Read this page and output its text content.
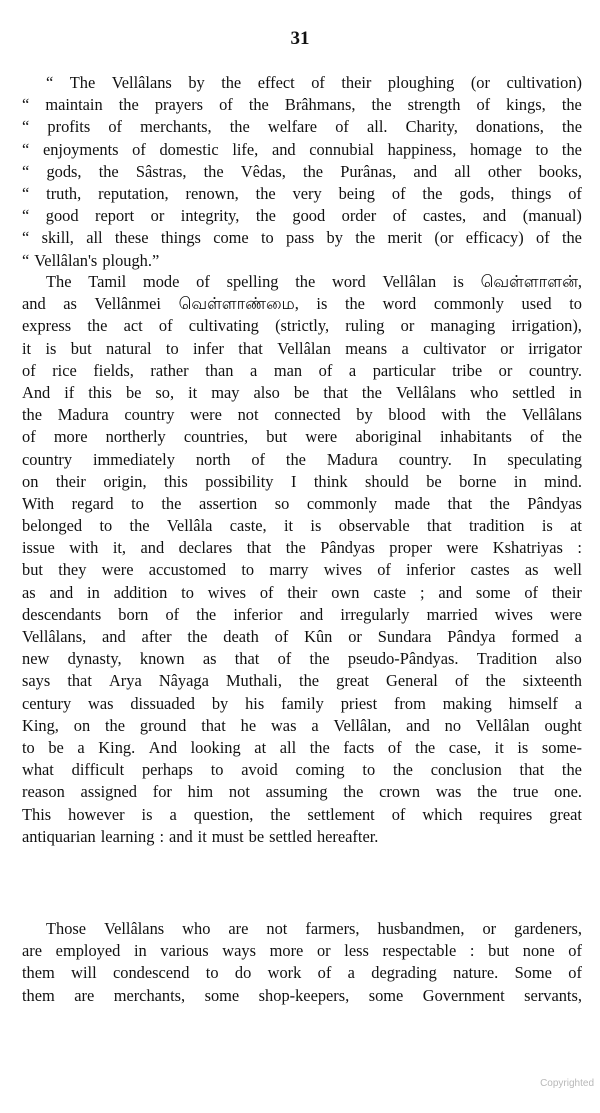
31
“ The Vellâlans by the effect of their ploughing (or cultivation)
“ maintain the prayers of the Brâhmans, the strength of kings, the
“ profits of merchants, the welfare of all. Charity, donations, the
“ enjoyments of domestic life, and connubial happiness, homage to the
“ gods, the Sâstras, the Vêdas, the Purânas, and all other books,
“ truth, reputation, renown, the very being of the gods, things of
“ good report or integrity, the good order of castes, and (manual)
“ skill, all these things come to pass by the merit (or efficacy) of the
“ Vellâlan's plough.”
The Tamil mode of spelling the word Vellâlan is வெள்ளாளன்,
and as Vellânmei வெள்ளாண்மை, is the word commonly used to
express the act of cultivating (strictly, ruling or managing irrigation),
it is but natural to infer that Vellâlan means a cultivator or irrigator
of rice fields, rather than a man of a particular tribe or country.
And if this be so, it may also be that the Vellâlans who settled in
the Madura country were not connected by blood with the Vellâlans
of more northerly countries, but were aboriginal inhabitants of the
country immediately north of the Madura country. In speculating
on their origin, this possibility I think should be borne in mind.
With regard to the assertion so commonly made that the Pândyas
belonged to the Vellâla caste, it is observable that tradition is at
issue with it, and declares that the Pândyas proper were Kshatriyas :
but they were accustomed to marry wives of inferior castes as well
as and in addition to wives of their own caste ; and some of their
descendants born of the inferior and irregularly married wives were
Vellâlans, and after the death of Kûn or Sundara Pândya formed a
new dynasty, known as that of the pseudo-Pândyas. Tradition also
says that Arya Nâyaga Muthali, the great General of the sixteenth
century was dissuaded by his family priest from making himself a
King, on the ground that he was a Vellâlan, and no Vellâlan ought
to be a King. And looking at all the facts of the case, it is some-
what difficult perhaps to avoid coming to the conclusion that the
reason assigned for him not assuming the crown was the true one.
This however is a question, the settlement of which requires great
antiquarian learning : and it must be settled hereafter.
Those Vellâlans who are not farmers, husbandmen, or gardeners,
are employed in various ways more or less respectable : but none of
them will condescend to do work of a degrading nature. Some of
them are merchants, some shop-keepers, some Government servants,
Copyrighted
